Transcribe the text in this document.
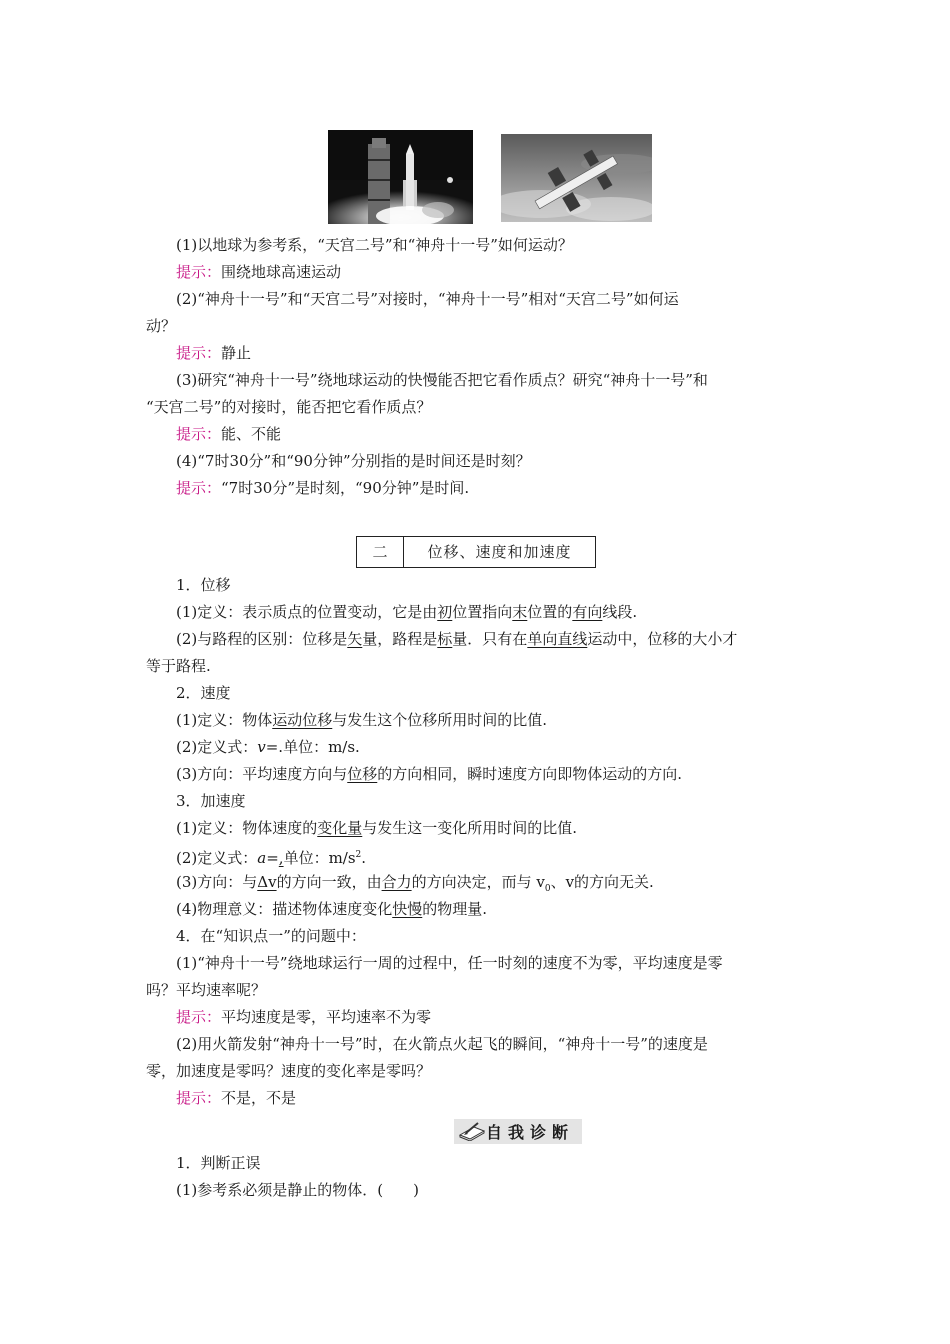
(1)以地球为参考系，“天宫二号”和“神舟十一号”如何运动？
提示：围绕地球高速运动
(2)“神舟十一号”和“天宫二号”对接时，“神舟十一号”相对“天宫二号”如何运
动？
提示：静止
(3)研究“神舟十一号”绕地球运动的快慢能否把它看作质点？研究“神舟十一号”和
“天宫二号”的对接时，能否把它看作质点？
提示：能、不能
(4)“7时30分”和“90分钟”分别指的是时间还是时刻？
提示：“7时30分”是时刻，“90分钟”是时间.
二	位移、速度和加速度
1．位移
(1)定义：表示质点的位置变动，它是由初位置指向末位置的有向线段.
(2)与路程的区别：位移是矢量，路程是标量．只有在单向直线运动中，位移的大小才
等于路程.
2．速度
(1)定义：物体运动位移与发生这个位移所用时间的比值.
(2)定义式：v=.单位：m/s.
(3)方向：平均速度方向与位移的方向相同，瞬时速度方向即物体运动的方向.
3．加速度
(1)定义：物体速度的变化量与发生这一变化所用时间的比值.
(2)定义式：a=,单位：$m/s^2$.
(3)方向：与Δv的方向一致，由合力的方向决定，而与 $v_0$、v的方向无关.
(4)物理意义：描述物体速度变化快慢的物理量.
4．在“知识点一”的问题中：
(1)“神舟十一号”绕地球运行一周的过程中，任一时刻的速度不为零，平均速度是零
吗？平均速率呢？
提示：平均速度是零，平均速率不为零
(2)用火箭发射“神舟十一号”时，在火箭点火起飞的瞬间，“神舟十一号”的速度是
零，加速度是零吗？速度的变化率是零吗？
提示：不是，不是
自我诊断
1．判断正误
(1)参考系必须是静止的物体．(　　)
